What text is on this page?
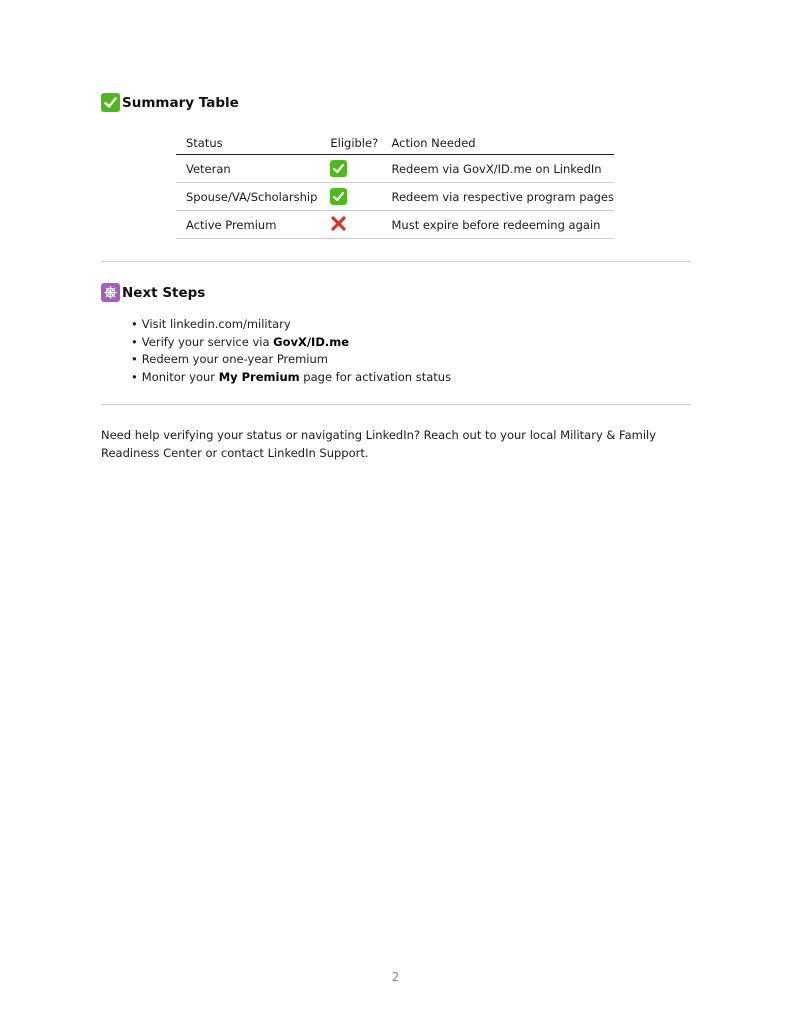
Summary Table
Status	Eligible?	Action Needed
Veteran		Redeem via GovX/ID.me on LinkedIn
Spouse/VA/Scholarship		Redeem via respective program pages
Active Premium		Must expire before redeeming again
Next Steps
• Visit linkedin.com/military
• Verify your service via GovX/ID.me
• Redeem your one-year Premium
• Monitor your My Premium page for activation status

Need help verifying your status or navigating LinkedIn? Reach out to your local Military & Family Readiness Center or contact LinkedIn Support.

2
